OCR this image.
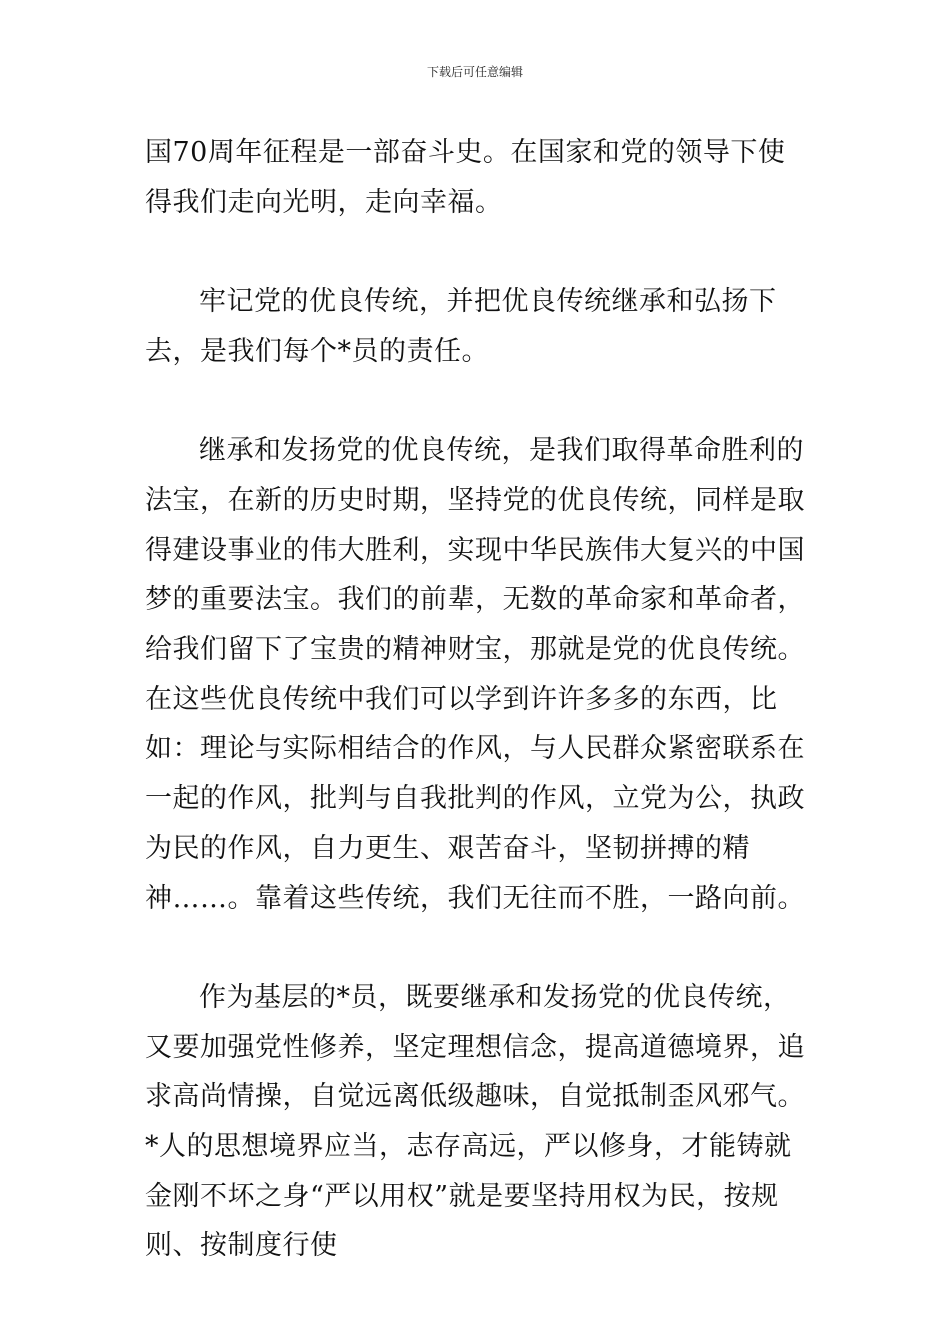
下载后可任意编辑

国70周年征程是一部奋斗史。在国家和党的领导下使得我们走向光明，走向幸福。

牢记党的优良传统，并把优良传统继承和弘扬下去，是我们每个*员的责任。

继承和发扬党的优良传统，是我们取得革命胜利的法宝，在新的历史时期，坚持党的优良传统，同样是取得建设事业的伟大胜利，实现中华民族伟大复兴的中国梦的重要法宝。我们的前辈，无数的革命家和革命者，给我们留下了宝贵的精神财宝，那就是党的优良传统。在这些优良传统中我们可以学到许许多多的东西，比如：理论与实际相结合的作风，与人民群众紧密联系在一起的作风，批判与自我批判的作风，立党为公，执政为民的作风，自力更生、艰苦奋斗，坚韧拼搏的精神……。靠着这些传统，我们无往而不胜，一路向前。

作为基层的*员，既要继承和发扬党的优良传统，又要加强党性修养，坚定理想信念，提高道德境界，追求高尚情操，自觉远离低级趣味，自觉抵制歪风邪气。*人的思想境界应当，志存高远，严以修身，才能铸就金刚不坏之身“严以用权”就是要坚持用权为民，按规则、按制度行使
